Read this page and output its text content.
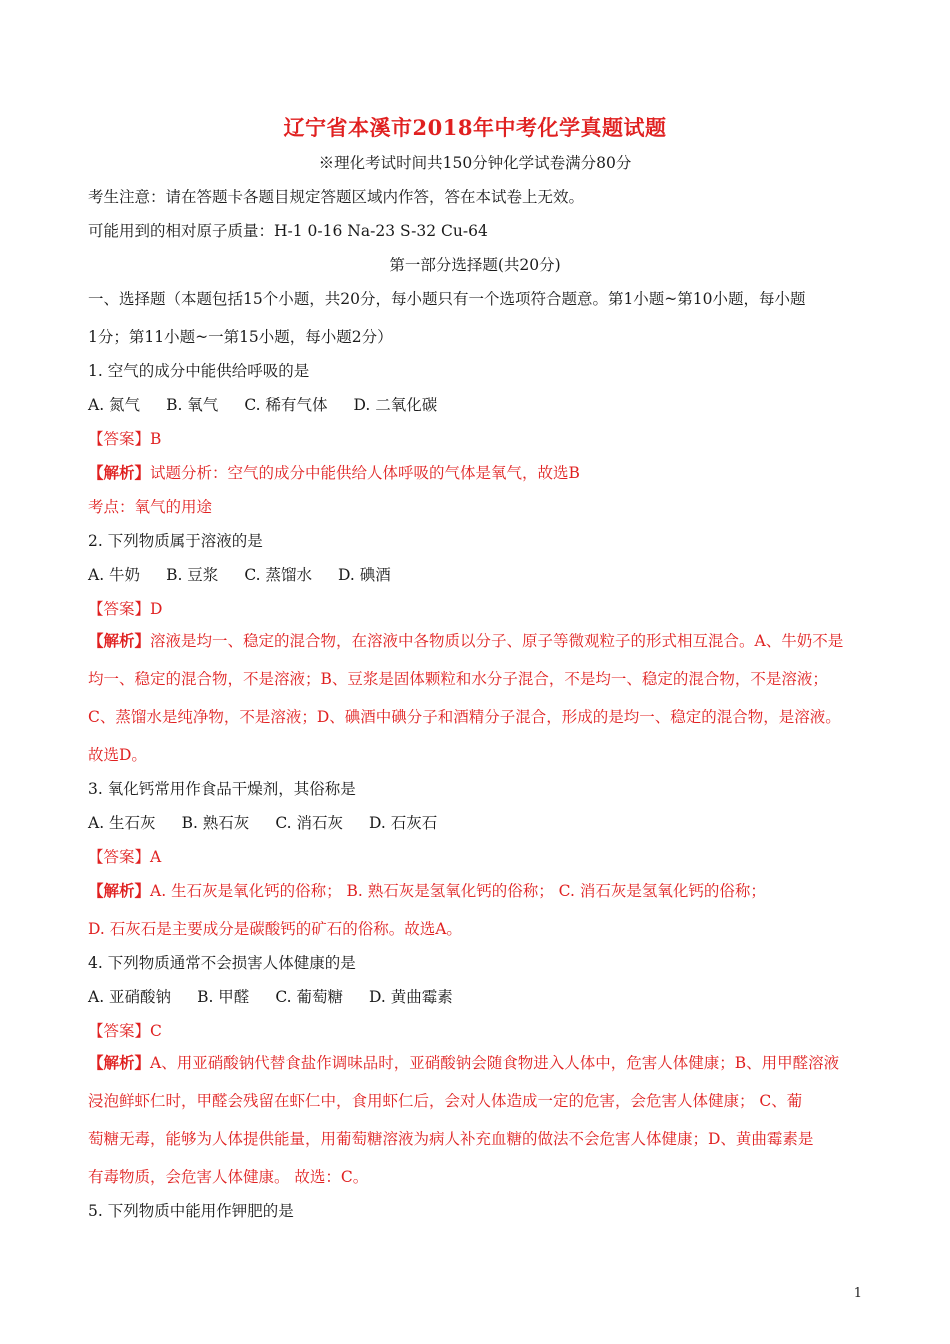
辽宁省本溪市2018年中考化学真题试题
※理化考试时间共150分钟化学试卷满分80分
考生注意：请在答题卡各题目规定答题区域内作答，答在本试卷上无效。
可能用到的相对原子质量：H-1 0-16 Na-23 S-32 Cu-64
第一部分选择题(共20分)
一、选择题（本题包括15个小题，共20分，每小题只有一个选项符合题意。第1小题~第10小题，每小题
1分；第11小题~一第15小题，每小题2分）
1. 空气的成分中能供给呼吸的是
A. 氮气 B. 氧气 C. 稀有气体 D. 二氧化碳
【答案】B
【解析】试题分析：空气的成分中能供给人体呼吸的气体是氧气，故选B
考点：氧气的用途
2. 下列物质属于溶液的是
A. 牛奶 B. 豆浆 C. 蒸馏水 D. 碘酒
【答案】D
【解析】溶液是均一、稳定的混合物，在溶液中各物质以分子、原子等微观粒子的形式相互混合。A、牛奶不是
均一、稳定的混合物，不是溶液；B、豆浆是固体颗粒和水分子混合，不是均一、稳定的混合物，不是溶液；
C、蒸馏水是纯净物，不是溶液；D、碘酒中碘分子和酒精分子混合，形成的是均一、稳定的混合物，是溶液。
故选D。
3. 氧化钙常用作食品干燥剂，其俗称是
A. 生石灰 B. 熟石灰 C. 消石灰 D. 石灰石
【答案】A
【解析】A. 生石灰是氧化钙的俗称； B. 熟石灰是氢氧化钙的俗称； C. 消石灰是氢氧化钙的俗称；
D. 石灰石是主要成分是碳酸钙的矿石的俗称。故选A。
4. 下列物质通常不会损害人体健康的是
A. 亚硝酸钠 B. 甲醛 C. 葡萄糖 D. 黄曲霉素
【答案】C
【解析】A、用亚硝酸钠代替食盐作调味品时，亚硝酸钠会随食物进入人体中，危害人体健康；B、用甲醛溶液
浸泡鲜虾仁时，甲醛会残留在虾仁中，食用虾仁后，会对人体造成一定的危害，会危害人体健康； C、葡
萄糖无毒，能够为人体提供能量，用葡萄糖溶液为病人补充血糖的做法不会危害人体健康；D、黄曲霉素是
有毒物质，会危害人体健康。 故选：C。
5. 下列物质中能用作钾肥的是
1
